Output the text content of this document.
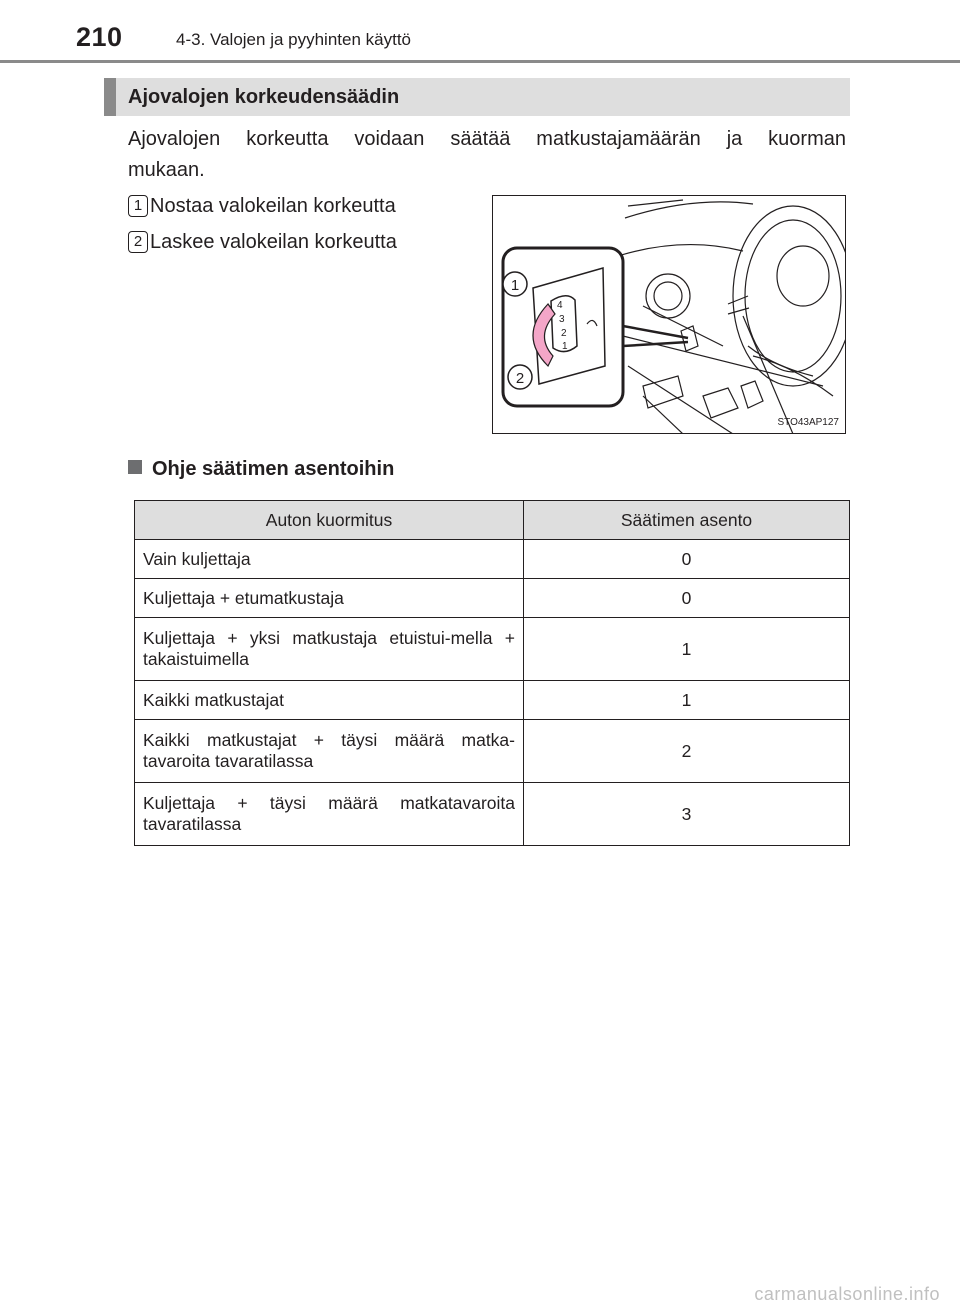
210	4-3. Valojen ja pyyhinten käyttö
Ajovalojen korkeudensäädin
Ajovalojen korkeutta voidaan säätää matkustajamäärän ja kuorman
mukaan.
1 Nostaa valokeilan korkeutta
2 Laskee valokeilan korkeutta
4
3
2
1
1
2
STO43AP127
Ohje säätimen asentoihin
Auton kuormitus	Säätimen asento
Vain kuljettaja	0
Kuljettaja + etumatkustaja	0
Kuljettaja + yksi matkustaja etuistui-mella + takaistuimella	1
Kaikki matkustajat	1
Kaikki matkustajat + täysi määrä matka-tavaroita tavaratilassa	2
Kuljettaja + täysi määrä matkatavaroita tavaratilassa	3
carmanualsonline.info
